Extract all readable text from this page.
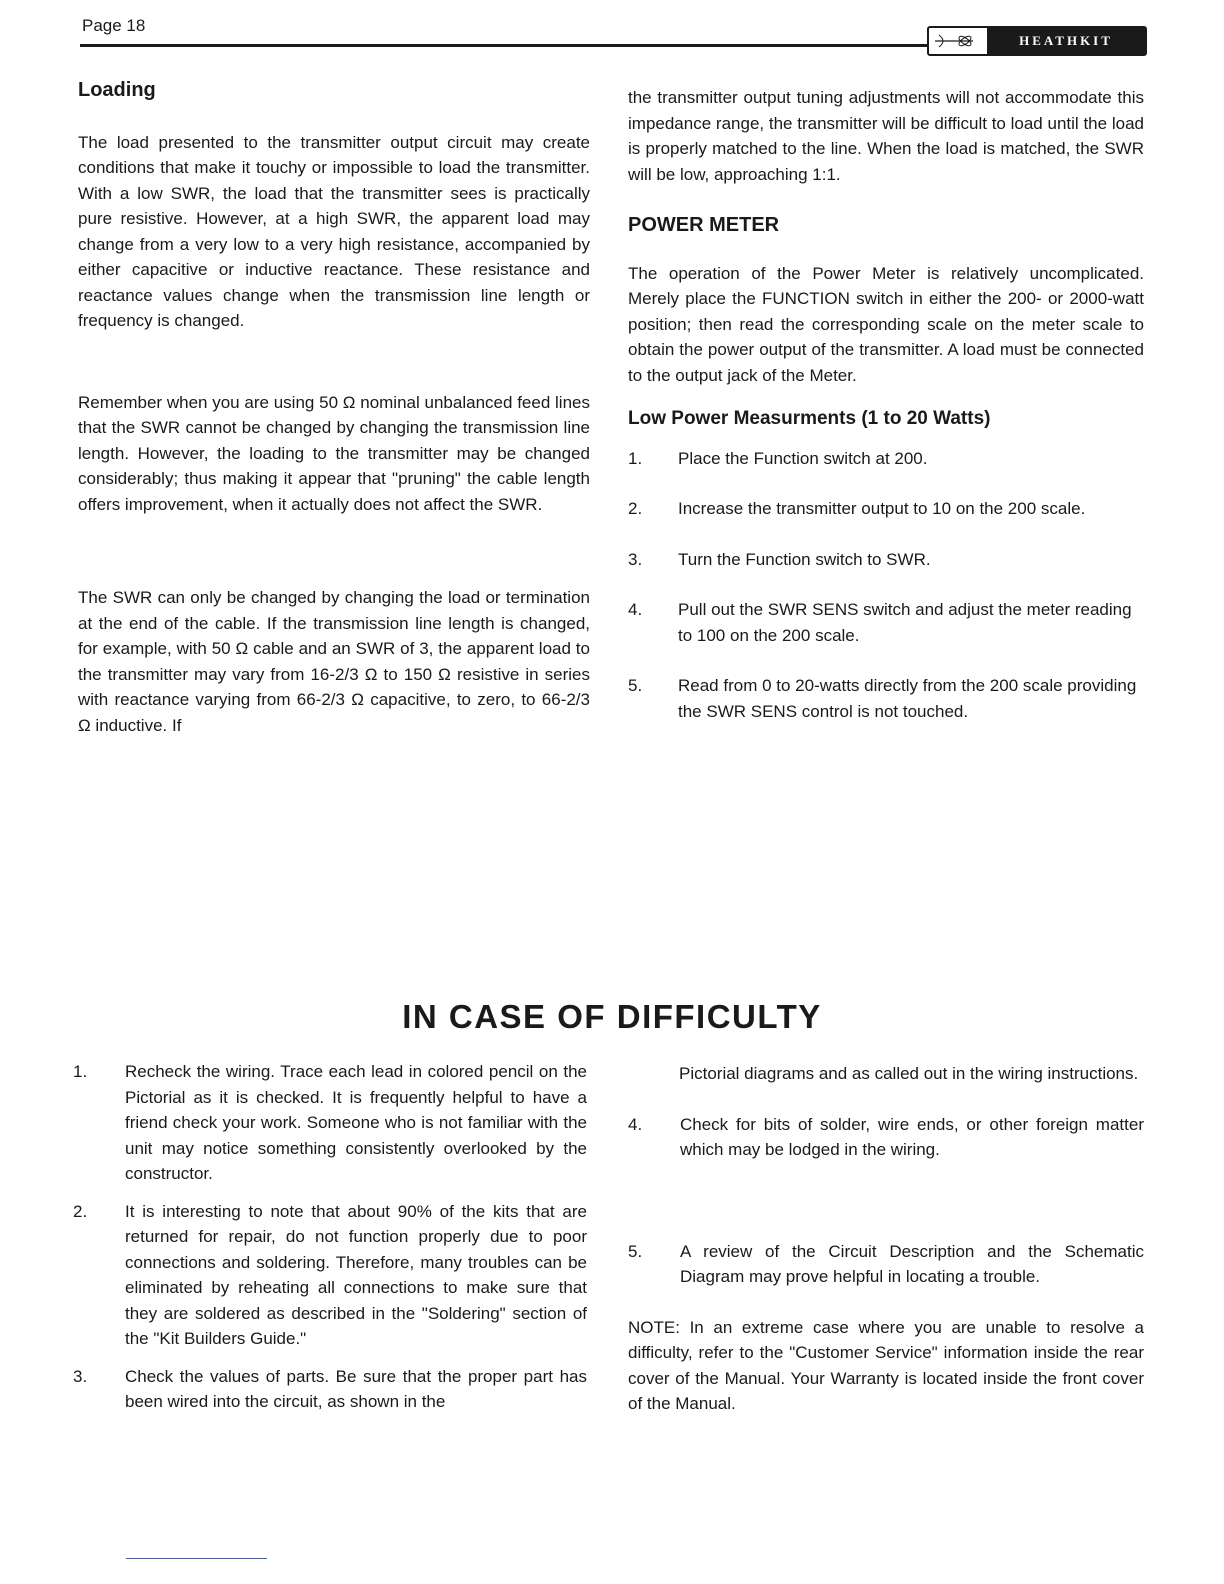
Page 18
HEATHKIT
Loading

The load presented to the transmitter output circuit may create conditions that make it touchy or impossible to load the transmitter. With a low SWR, the load that the transmitter sees is practically pure resistive. However, at a high SWR, the apparent load may change from a very low to a very high resistance, accompanied by either capacitive or inductive reactance. These resistance and reactance values change when the transmission line length or frequency is changed.

Remember when you are using 50 Ω nominal unbalanced feed lines that the SWR cannot be changed by changing the transmission line length. However, the loading to the transmitter may be changed considerably; thus making it appear that "pruning" the cable length offers improvement, when it actually does not affect the SWR.

The SWR can only be changed by changing the load or termination at the end of the cable. If the transmission line length is changed, for example, with 50 Ω cable and an SWR of 3, the apparent load to the transmitter may vary from 16-2/3 Ω to 150 Ω resistive in series with reactance varying from 66-2/3 Ω capacitive, to zero, to 66-2/3 Ω inductive. If

the transmitter output tuning adjustments will not accommodate this impedance range, the transmitter will be difficult to load until the load is properly matched to the line. When the load is matched, the SWR will be low, approaching 1:1.

POWER METER

The operation of the Power Meter is relatively uncomplicated. Merely place the FUNCTION switch in either the 200- or 2000-watt position; then read the corresponding scale on the meter scale to obtain the power output of the transmitter. A load must be connected to the output jack of the Meter.

Low Power Measurments (1 to 20 Watts)
1.	Place the Function switch at 200.
2.	Increase the transmitter output to 10 on the 200 scale.
3.	Turn the Function switch to SWR.
4.	Pull out the SWR SENS switch and adjust the meter reading to 100 on the 200 scale.
5.	Read from 0 to 20-watts directly from the 200 scale providing the SWR SENS control is not touched.
IN CASE OF DIFFICULTY
1.	Recheck the wiring. Trace each lead in colored pencil on the Pictorial as it is checked. It is frequently helpful to have a friend check your work. Someone who is not familiar with the unit may notice something consistently overlooked by the constructor.
2.	It is interesting to note that about 90% of the kits that are returned for repair, do not function properly due to poor connections and soldering. Therefore, many troubles can be eliminated by reheating all connections to make sure that they are soldered as described in the "Soldering" section of the "Kit Builders Guide."
3.	Check the values of parts. Be sure that the proper part has been wired into the circuit, as shown in the

Pictorial diagrams and as called out in the wiring instructions.

4.	Check for bits of solder, wire ends, or other foreign matter which may be lodged in the wiring.
5.	A review of the Circuit Description and the Schematic Diagram may prove helpful in locating a trouble.

NOTE: In an extreme case where you are unable to resolve a difficulty, refer to the "Customer Service" information inside the rear cover of the Manual. Your Warranty is located inside the front cover of the Manual.
